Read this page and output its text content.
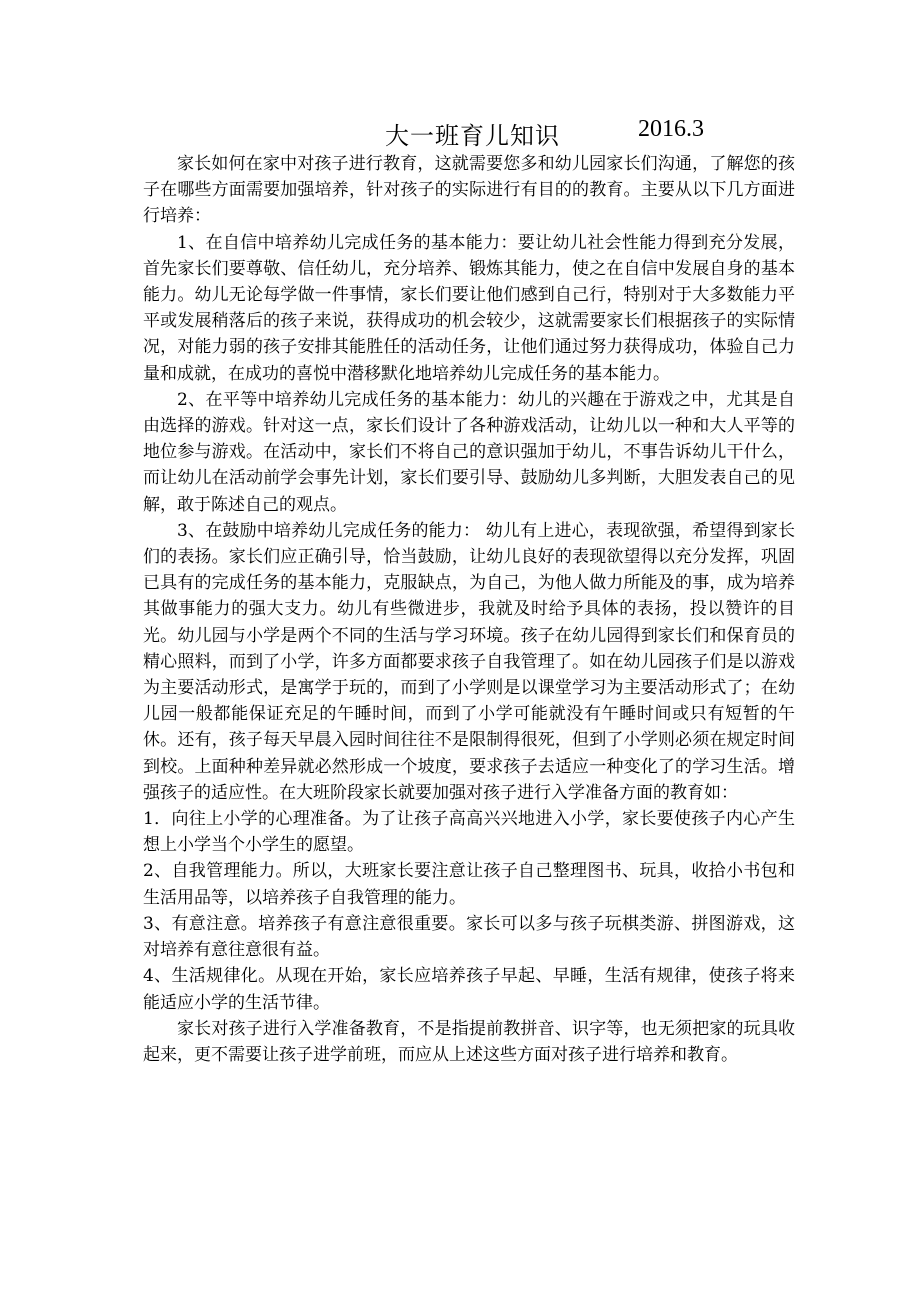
大一班育儿知识	2016.3

家长如何在家中对孩子进行教育，这就需要您多和幼儿园家长们沟通，了解您的孩子在哪些方面需要加强培养，针对孩子的实际进行有目的的教育。主要从以下几方面进行培养：

1、在自信中培养幼儿完成任务的基本能力：要让幼儿社会性能力得到充分发展，首先家长们要尊敬、信任幼儿，充分培养、锻炼其能力，使之在自信中发展自身的基本能力。幼儿无论每学做一件事情，家长们要让他们感到自己行，特别对于大多数能力平平或发展稍落后的孩子来说，获得成功的机会较少，这就需要家长们根据孩子的实际情况，对能力弱的孩子安排其能胜任的活动任务，让他们通过努力获得成功，体验自己力量和成就，在成功的喜悦中潜移默化地培养幼儿完成任务的基本能力。

2、在平等中培养幼儿完成任务的基本能力：幼儿的兴趣在于游戏之中，尤其是自由选择的游戏。针对这一点，家长们设计了各种游戏活动，让幼儿以一种和大人平等的地位参与游戏。在活动中，家长们不将自己的意识强加于幼儿，不事告诉幼儿干什么，而让幼儿在活动前学会事先计划，家长们要引导、鼓励幼儿多判断，大胆发表自己的见解，敢于陈述自己的观点。

3、在鼓励中培养幼儿完成任务的能力： 幼儿有上进心，表现欲强，希望得到家长们的表扬。家长们应正确引导，恰当鼓励，让幼儿良好的表现欲望得以充分发挥，巩固已具有的完成任务的基本能力，克服缺点，为自己，为他人做力所能及的事，成为培养其做事能力的强大支力。幼儿有些微进步，我就及时给予具体的表扬，投以赞许的目光。幼儿园与小学是两个不同的生活与学习环境。孩子在幼儿园得到家长们和保育员的精心照料，而到了小学，许多方面都要求孩子自我管理了。如在幼儿园孩子们是以游戏为主要活动形式，是寓学于玩的，而到了小学则是以课堂学习为主要活动形式了；在幼儿园一般都能保证充足的午睡时间，而到了小学可能就没有午睡时间或只有短暂的午休。还有，孩子每天早晨入园时间往往不是限制得很死，但到了小学则必须在规定时间到校。上面种种差异就必然形成一个坡度，要求孩子去适应一种变化了的学习生活。增强孩子的适应性。在大班阶段家长就要加强对孩子进行入学准备方面的教育如：

1．向往上小学的心理准备。为了让孩子高高兴兴地进入小学，家长要使孩子内心产生想上小学当个小学生的愿望。

2、自我管理能力。所以，大班家长要注意让孩子自己整理图书、玩具，收拾小书包和生活用品等，以培养孩子自我管理的能力。

3、有意注意。培养孩子有意注意很重要。家长可以多与孩子玩棋类游、拼图游戏，这对培养有意往意很有益。

4、生活规律化。从现在开始，家长应培养孩子早起、早睡，生活有规律，使孩子将来能适应小学的生活节律。

家长对孩子进行入学准备教育，不是指提前教拼音、识字等，也无须把家的玩具收起来，更不需要让孩子进学前班，而应从上述这些方面对孩子进行培养和教育。
